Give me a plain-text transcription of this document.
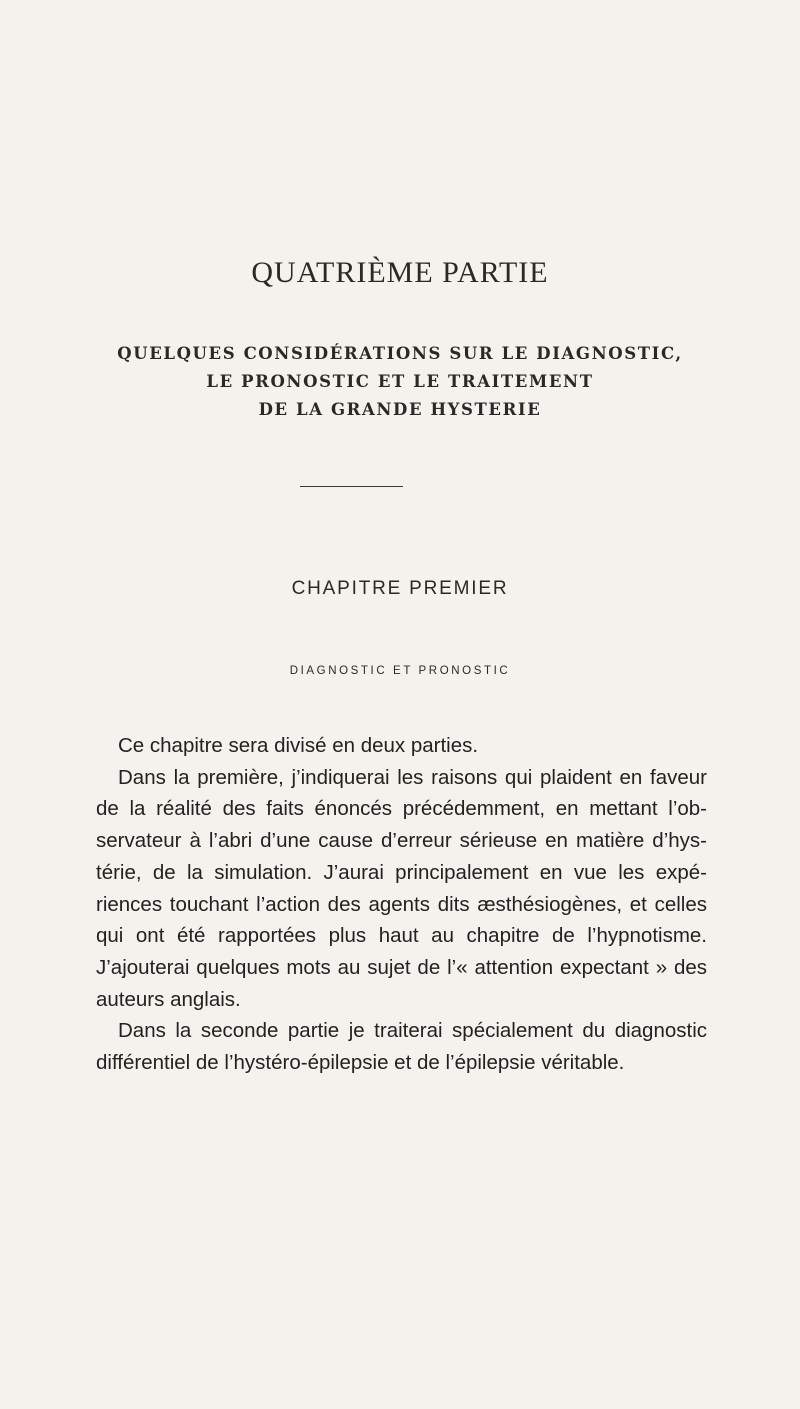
QUATRIÈME PARTIE
QUELQUES CONSIDÉRATIONS SUR LE DIAGNOSTIC,
LE PRONOSTIC ET LE TRAITEMENT
DE LA GRANDE HYSTERIE
CHAPITRE PREMIER
DIAGNOSTIC ET PRONOSTIC
Ce chapitre sera divisé en deux parties.
Dans la première, j’indiquerai les raisons qui plaident en faveur
de la réalité des faits énoncés précédemment, en mettant l’ob-
servateur à l’abri d’une cause d’erreur sérieuse en matière d’hys-
térie, de la simulation. J’aurai principalement en vue les expé-
riences touchant l’action des agents dits æsthésiogènes, et celles
qui ont été rapportées plus haut au chapitre de l’hypnotisme.
J’ajouterai quelques mots au sujet de l’« attention expectant » des
auteurs anglais.
Dans la seconde partie je traiterai spécialement du diagnostic
différentiel de l’hystéro-épilepsie et de l’épilepsie véritable.
